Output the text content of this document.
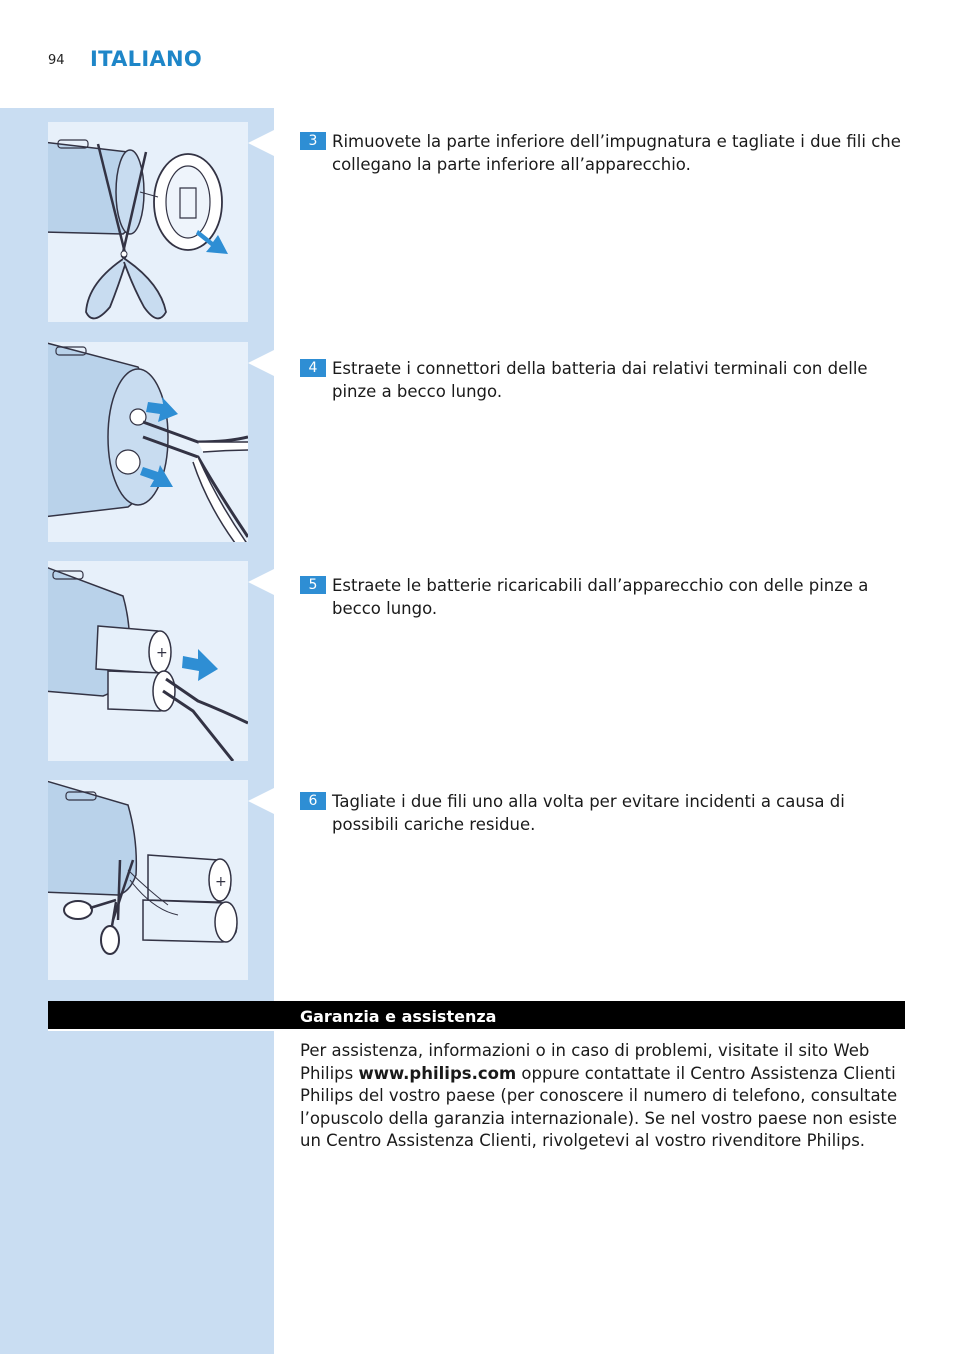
94 ITALIANO
+
+
3 Rimuovete la parte inferiore dell’impugnatura e tagliate i due fili che collegano la parte inferiore all’apparecchio.
4 Estraete i connettori della batteria dai relativi terminali con delle pinze a becco lungo.
5 Estraete le batterie ricaricabili dall’apparecchio con delle pinze a becco lungo.
6 Tagliate i due fili uno alla volta per evitare incidenti a causa di possibili cariche residue.
Garanzia e assistenza
Per assistenza, informazioni o in caso di problemi, visitate il sito Web Philips www.philips.com oppure contattate il Centro Assistenza Clienti Philips del vostro paese (per conoscere il numero di telefono, consultate l’opuscolo della garanzia internazionale). Se nel vostro paese non esiste un Centro Assistenza Clienti, rivolgetevi al vostro rivenditore Philips.
